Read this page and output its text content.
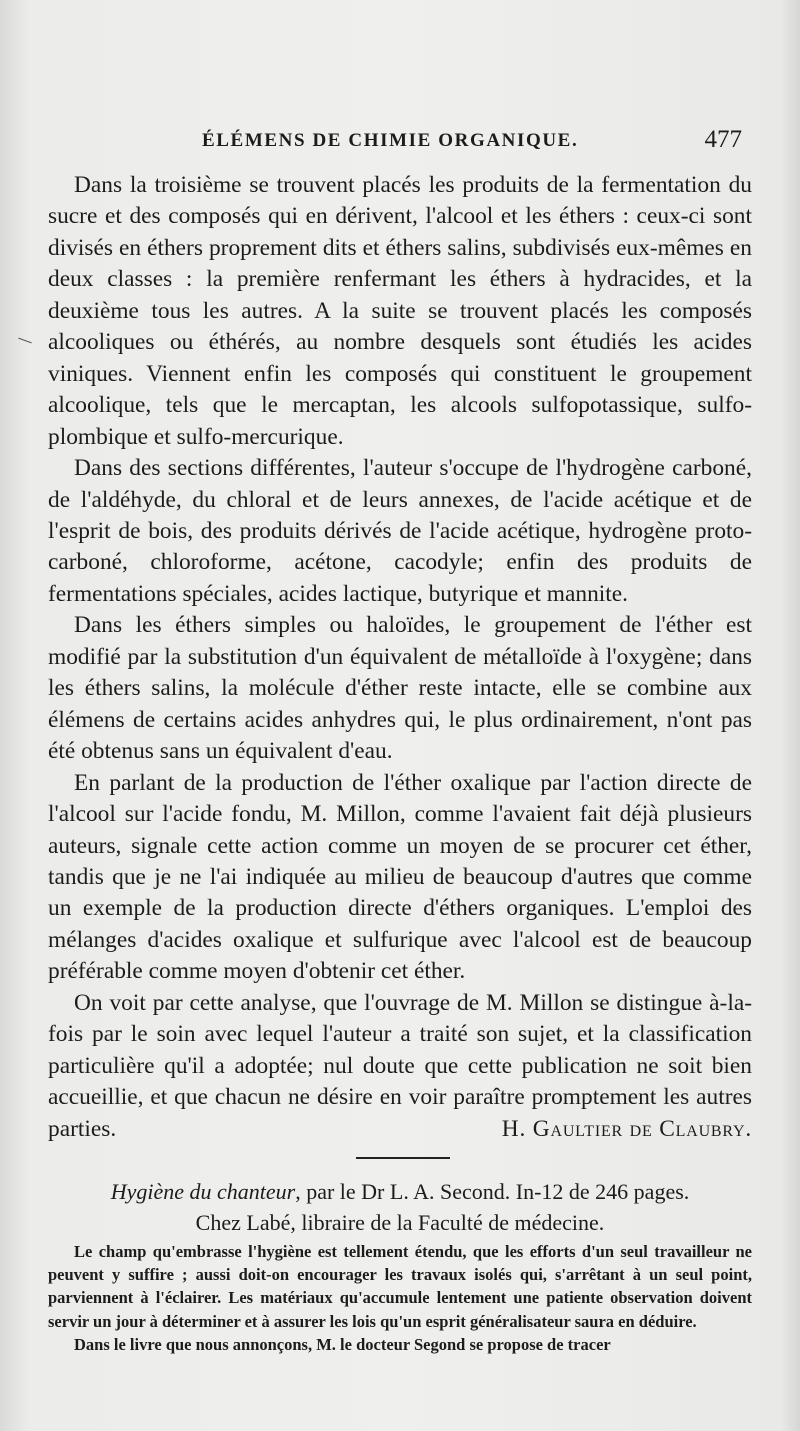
ÉLÉMENS DE CHIMIE ORGANIQUE.	477

Dans la troisième se trouvent placés les produits de la fermentation du sucre et des composés qui en dérivent, l'alcool et les éthers : ceux-ci sont divisés en éthers proprement dits et éthers salins, subdivisés eux-mêmes en deux classes : la première renfermant les éthers à hydracides, et la deuxième tous les autres. A la suite se trouvent placés les composés alcooliques ou éthérés, au nombre desquels sont étudiés les acides viniques. Viennent enfin les composés qui constituent le groupement alcoolique, tels que le mercaptan, les alcools sulfopotassique, sulfo-plombique et sulfo-mercurique.

Dans des sections différentes, l'auteur s'occupe de l'hydrogène carboné, de l'aldéhyde, du chloral et de leurs annexes, de l'acide acétique et de l'esprit de bois, des produits dérivés de l'acide acétique, hydrogène proto-carboné, chloroforme, acétone, cacodyle; enfin des produits de fermentations spéciales, acides lactique, butyrique et mannite.

Dans les éthers simples ou haloïdes, le groupement de l'éther est modifié par la substitution d'un équivalent de métalloïde à l'oxygène; dans les éthers salins, la molécule d'éther reste intacte, elle se combine aux élémens de certains acides anhydres qui, le plus ordinairement, n'ont pas été obtenus sans un équivalent d'eau.

En parlant de la production de l'éther oxalique par l'action directe de l'alcool sur l'acide fondu, M. Millon, comme l'avaient fait déjà plusieurs auteurs, signale cette action comme un moyen de se procurer cet éther, tandis que je ne l'ai indiquée au milieu de beaucoup d'autres que comme un exemple de la production directe d'éthers organiques. L'emploi des mélanges d'acides oxalique et sulfurique avec l'alcool est de beaucoup préférable comme moyen d'obtenir cet éther.

On voit par cette analyse, que l'ouvrage de M. Millon se distingue à-la-fois par le soin avec lequel l'auteur a traité son sujet, et la classification particulière qu'il a adoptée; nul doute que cette publication ne soit bien accueillie, et que chacun ne désire en voir paraître promptement les autres parties.	H. Gaultier de Claubry.
Hygiène du chanteur, par le Dr L. A. Second. In-12 de 246 pages.
Chez Labé, libraire de la Faculté de médecine.

Le champ qu'embrasse l'hygiène est tellement étendu, que les efforts d'un seul travailleur ne peuvent y suffire ; aussi doit-on encourager les travaux isolés qui, s'arrêtant à un seul point, parviennent à l'éclairer. Les matériaux qu'accumule lentement une patiente observation doivent servir un jour à déterminer et à assurer les lois qu'un esprit généralisateur saura en déduire.

Dans le livre que nous annonçons, M. le docteur Segond se propose de tracer
